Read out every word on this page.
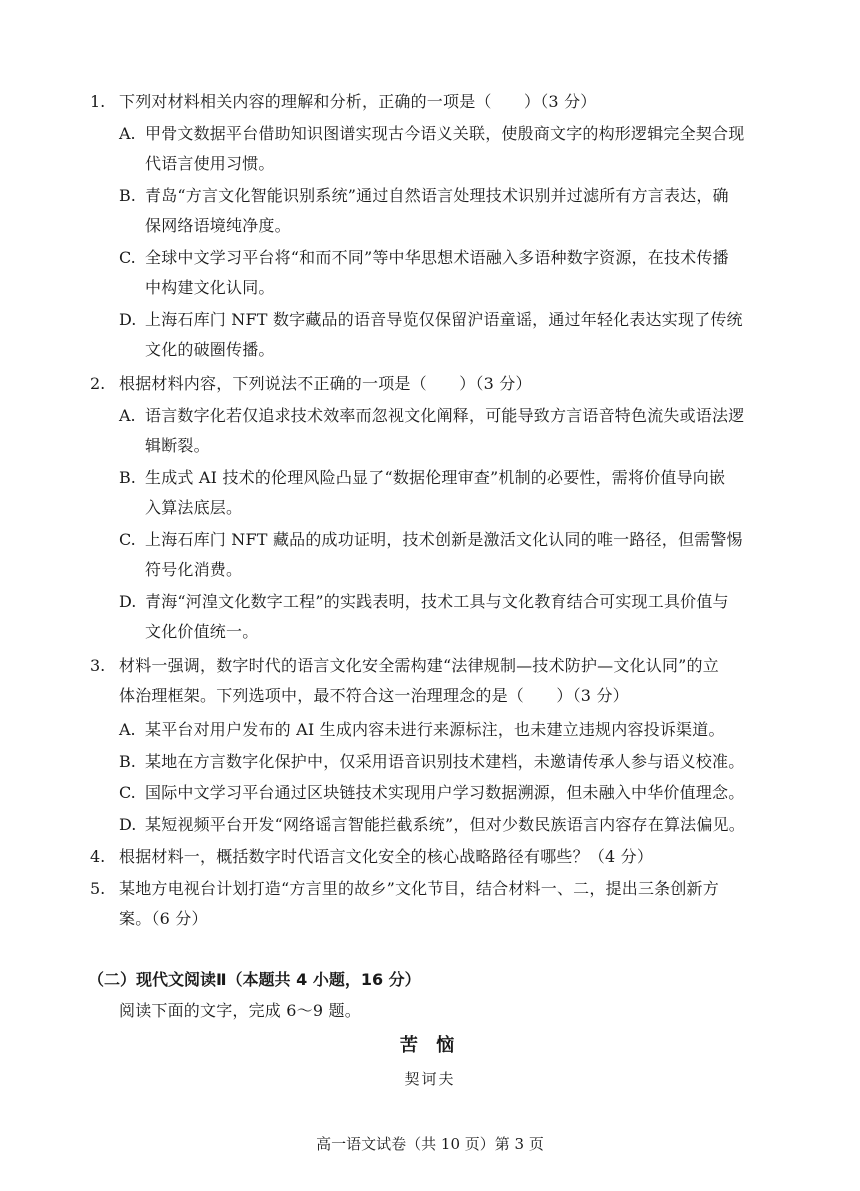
1. 下列对材料相关内容的理解和分析，正确的一项是（　　）（3 分）
A. 甲骨文数据平台借助知识图谱实现古今语义关联，使殷商文字的构形逻辑完全契合现
代语言使用习惯。
B. 青岛“方言文化智能识别系统”通过自然语言处理技术识别并过滤所有方言表达，确
保网络语境纯净度。
C. 全球中文学习平台将“和而不同”等中华思想术语融入多语种数字资源，在技术传播
中构建文化认同。
D. 上海石库门 NFT 数字藏品的语音导览仅保留沪语童谣，通过年轻化表达实现了传统
文化的破圈传播。
2. 根据材料内容，下列说法不正确的一项是（　　）（3 分）
A. 语言数字化若仅追求技术效率而忽视文化阐释，可能导致方言语音特色流失或语法逻
辑断裂。
B. 生成式 AI 技术的伦理风险凸显了“数据伦理审查”机制的必要性，需将价值导向嵌
入算法底层。
C. 上海石库门 NFT 藏品的成功证明，技术创新是激活文化认同的唯一路径，但需警惕
符号化消费。
D. 青海“河湟文化数字工程”的实践表明，技术工具与文化教育结合可实现工具价值与
文化价值统一。
3. 材料一强调，数字时代的语言文化安全需构建“法律规制—技术防护—文化认同”的立
体治理框架。下列选项中，最不符合这一治理理念的是（　　）（3 分）
A. 某平台对用户发布的 AI 生成内容未进行来源标注，也未建立违规内容投诉渠道。
B. 某地在方言数字化保护中，仅采用语音识别技术建档，未邀请传承人参与语义校准。
C. 国际中文学习平台通过区块链技术实现用户学习数据溯源，但未融入中华价值理念。
D. 某短视频平台开发“网络谣言智能拦截系统”，但对少数民族语言内容存在算法偏见。
4. 根据材料一，概括数字时代语言文化安全的核心战略路径有哪些？（4 分）
5. 某地方电视台计划打造“方言里的故乡”文化节目，结合材料一、二，提出三条创新方
案。（6 分）
（二）现代文阅读Ⅱ（本题共 4 小题，16 分）
阅读下面的文字，完成 6～9 题。
苦 恼
契诃夫
高一语文试卷（共 10 页）第 3 页
